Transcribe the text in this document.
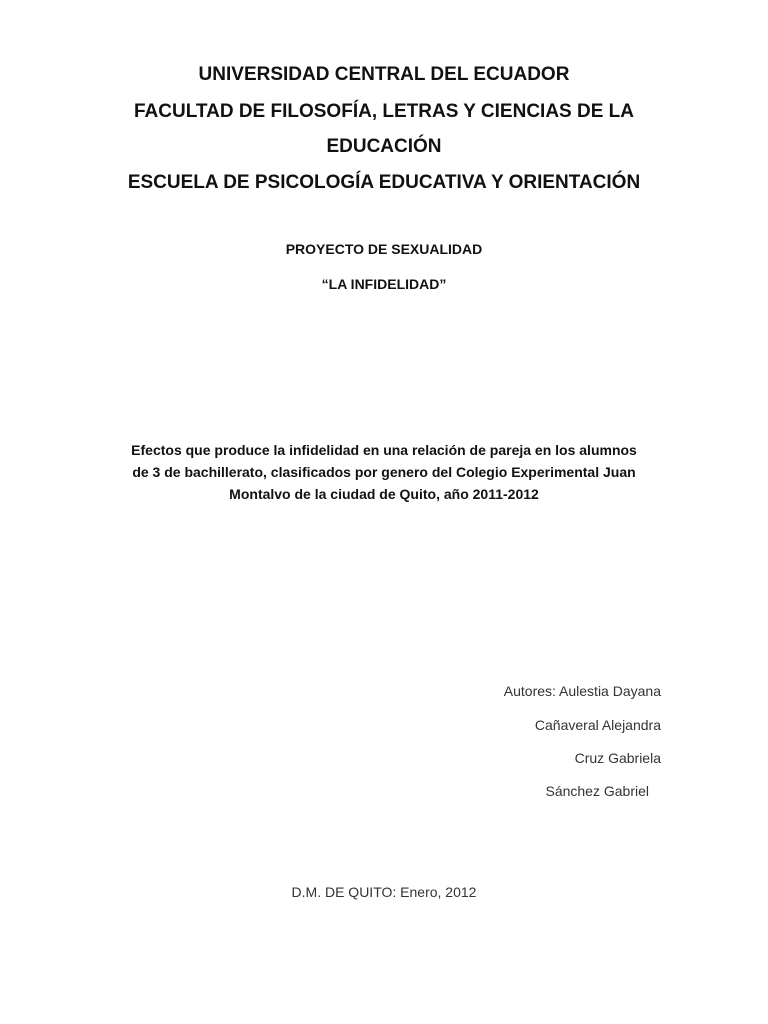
UNIVERSIDAD CENTRAL DEL ECUADOR

FACULTAD DE FILOSOFÍA, LETRAS Y CIENCIAS DE LA

EDUCACIÓN

ESCUELA DE PSICOLOGÍA EDUCATIVA Y ORIENTACIÓN

PROYECTO DE SEXUALIDAD

“LA INFIDELIDAD”

Efectos que produce la infidelidad en una relación de pareja en los alumnos
de 3 de bachillerato, clasificados por genero del Colegio Experimental Juan
Montalvo de la ciudad de Quito, año 2011-2012
Autores: Aulestia Dayana
Cañaveral Alejandra
Cruz Gabriela
Sánchez Gabriel
D.M. DE QUITO: Enero, 2012
